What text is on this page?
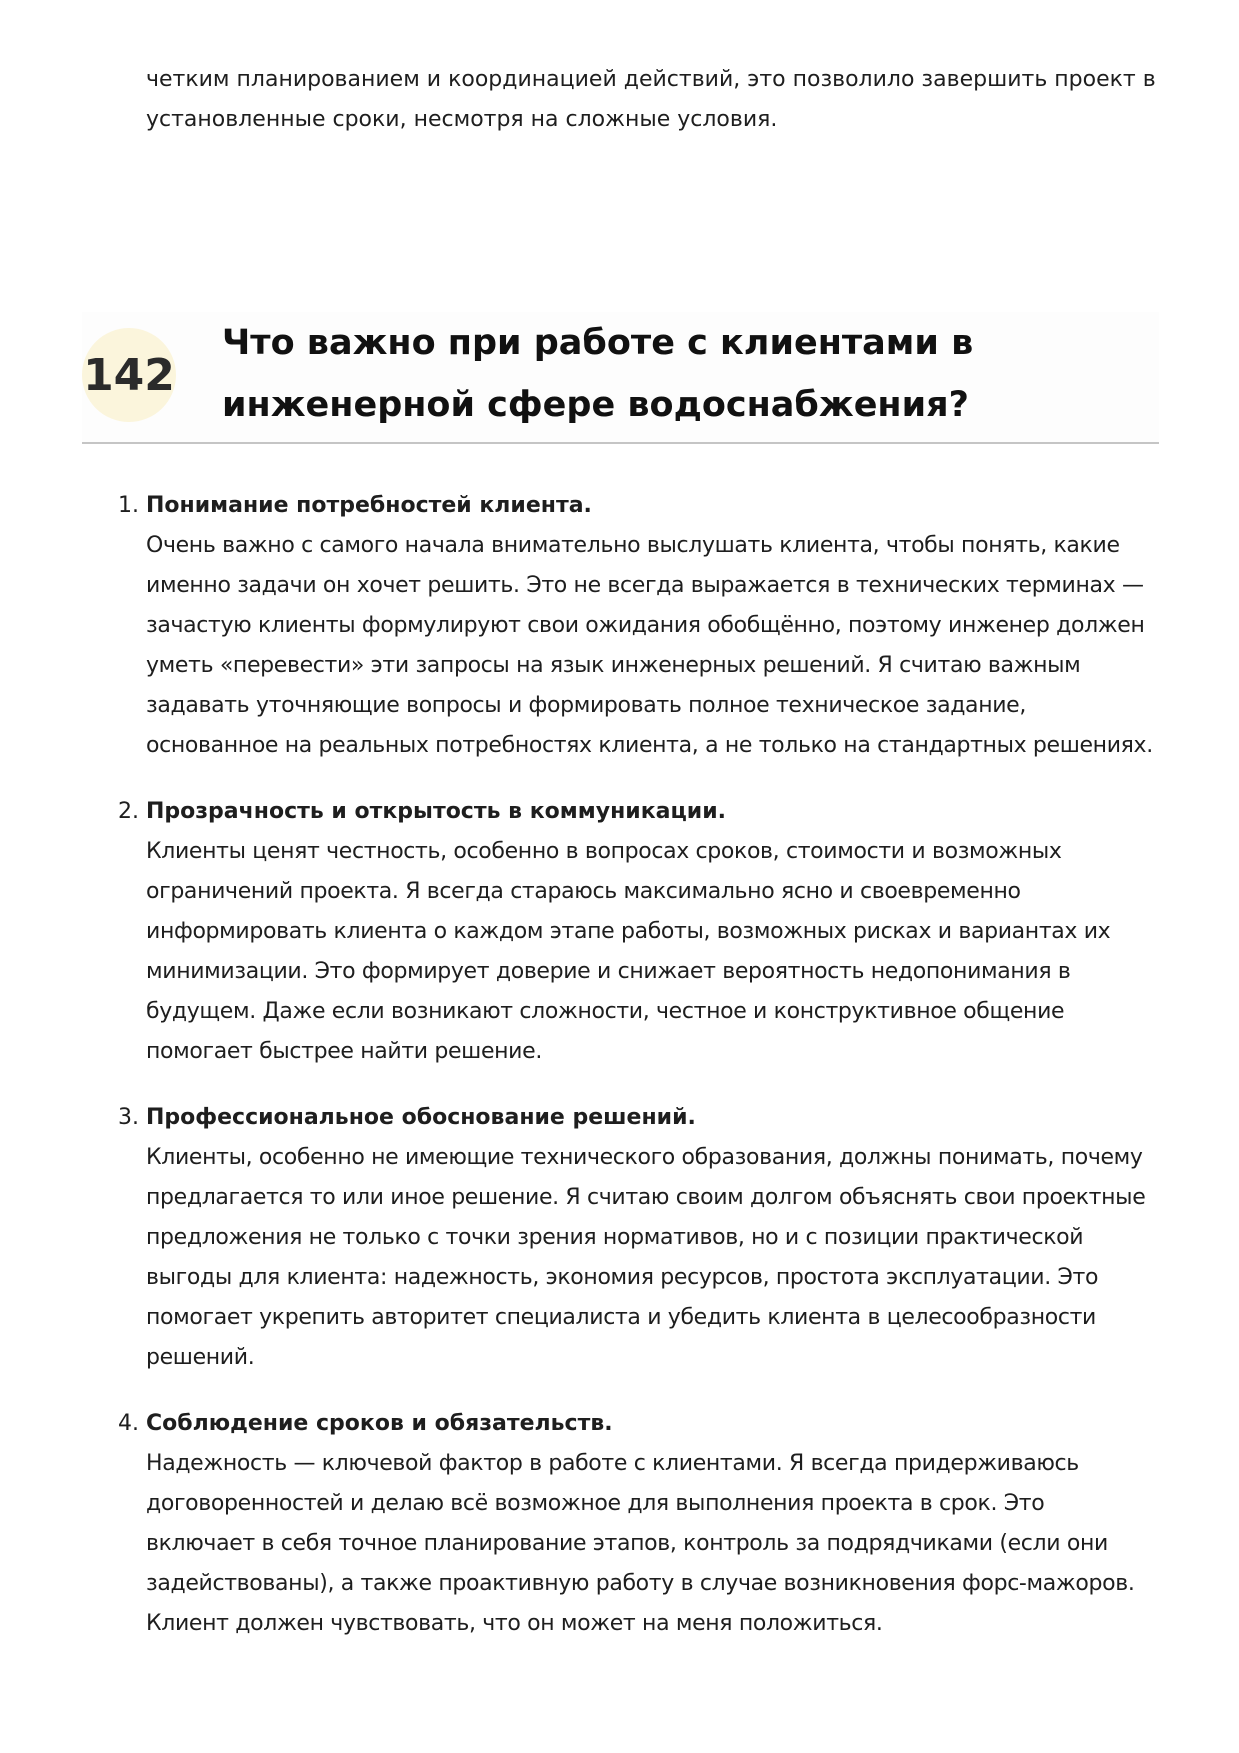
четким планированием и координацией действий, это позволило завершить проект в установленные сроки, несмотря на сложные условия.

142
Что важно при работе с клиентами в инженерной сфере водоснабжения?
1. Понимание потребностей клиента.

Очень важно с самого начала внимательно выслушать клиента, чтобы понять, какие именно задачи он хочет решить. Это не всегда выражается в технических терминах — зачастую клиенты формулируют свои ожидания обобщённо, поэтому инженер должен уметь «перевести» эти запросы на язык инженерных решений. Я считаю важным задавать уточняющие вопросы и формировать полное техническое задание, основанное на реальных потребностях клиента, а не только на стандартных решениях.

2. Прозрачность и открытость в коммуникации.

Клиенты ценят честность, особенно в вопросах сроков, стоимости и возможных ограничений проекта. Я всегда стараюсь максимально ясно и своевременно информировать клиента о каждом этапе работы, возможных рисках и вариантах их минимизации. Это формирует доверие и снижает вероятность недопонимания в будущем. Даже если возникают сложности, честное и конструктивное общение помогает быстрее найти решение.

3. Профессиональное обоснование решений.

Клиенты, особенно не имеющие технического образования, должны понимать, почему предлагается то или иное решение. Я считаю своим долгом объяснять свои проектные предложения не только с точки зрения нормативов, но и с позиции практической выгоды для клиента: надежность, экономия ресурсов, простота эксплуатации. Это помогает укрепить авторитет специалиста и убедить клиента в целесообразности решений.

4. Соблюдение сроков и обязательств.

Надежность — ключевой фактор в работе с клиентами. Я всегда придерживаюсь договоренностей и делаю всё возможное для выполнения проекта в срок. Это включает в себя точное планирование этапов, контроль за подрядчиками (если они задействованы), а также проактивную работу в случае возникновения форс-мажоров. Клиент должен чувствовать, что он может на меня положиться.
